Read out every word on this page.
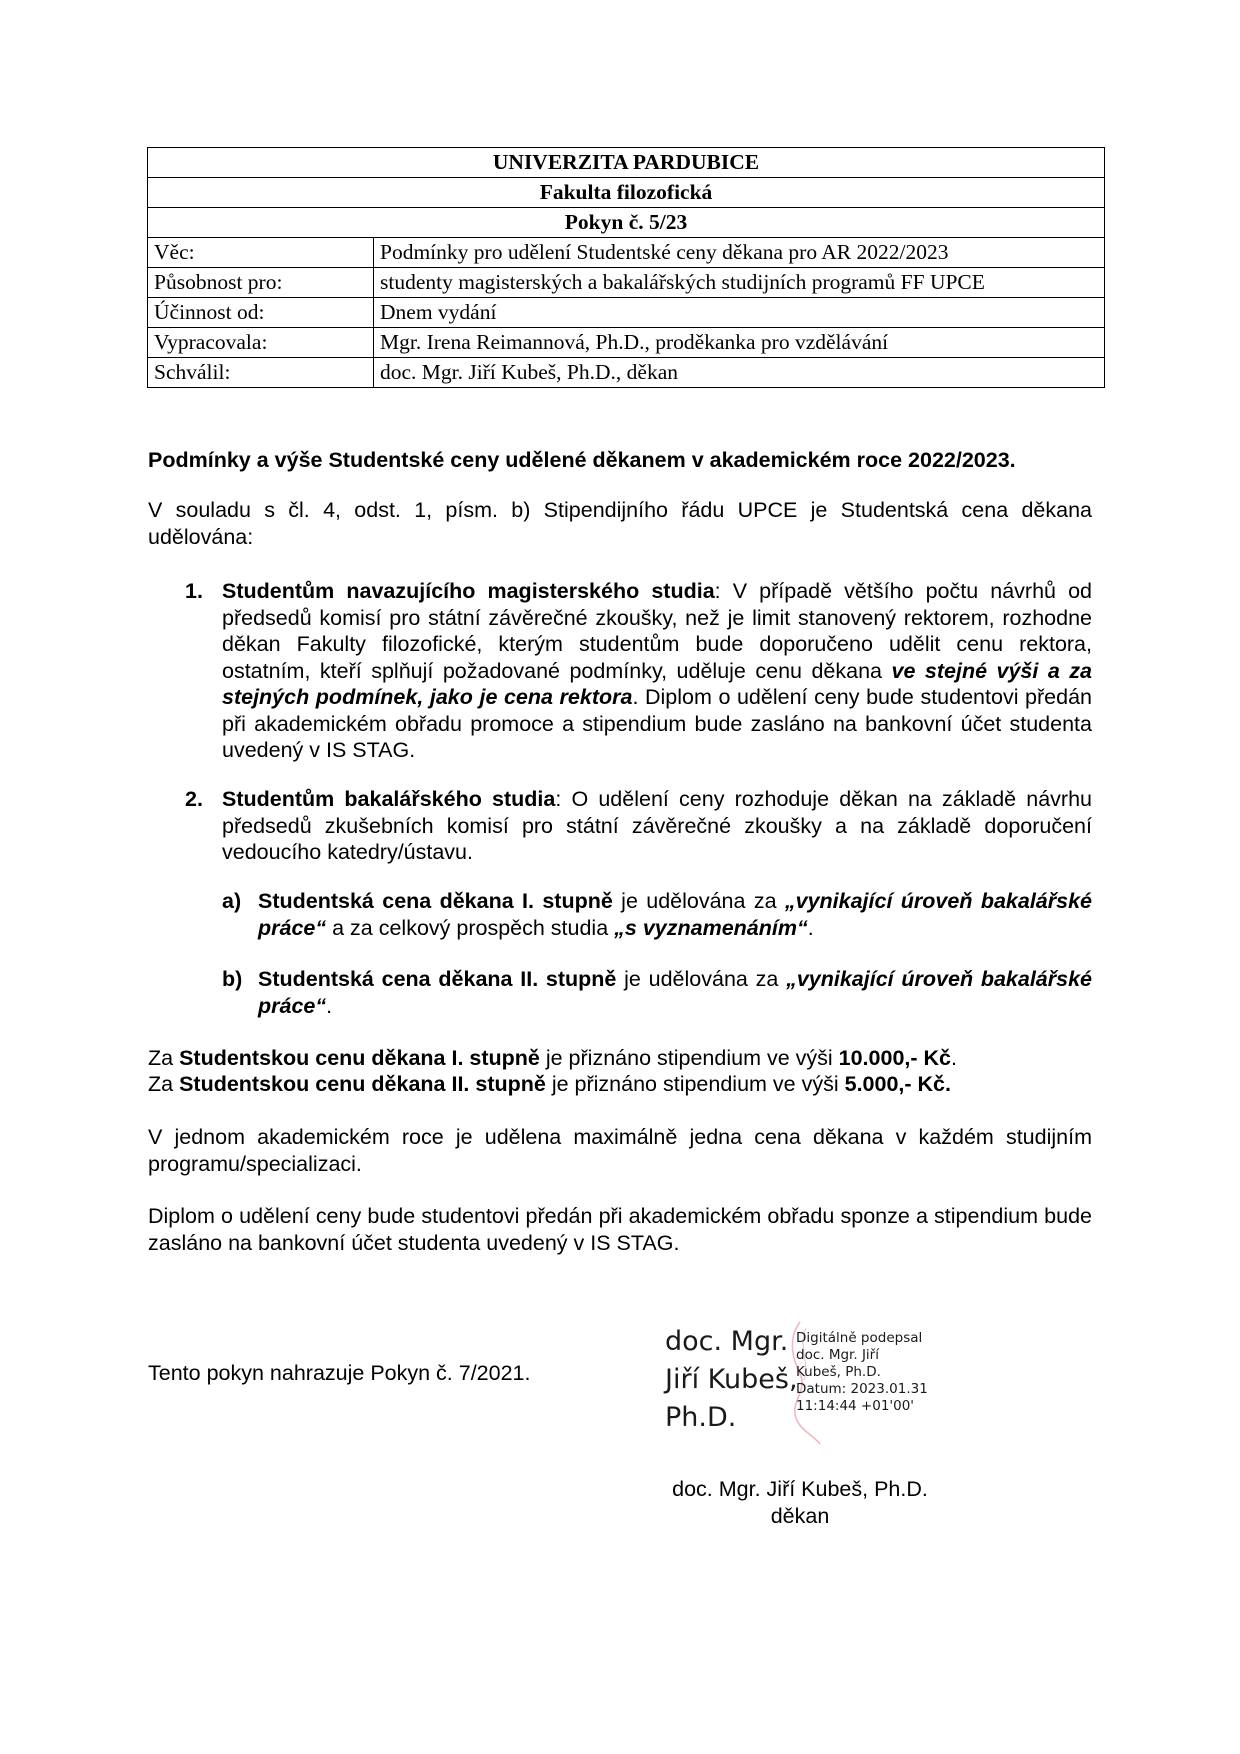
UNIVERZITA PARDUBICE	
Fakulta filozofická	
Pokyn č. 5/23	
Věc:	Podmínky pro udělení Studentské ceny děkana pro AR 2022/2023
Působnost pro:	studenty magisterských a bakalářských studijních programů FF UPCE
Účinnost od:	Dnem vydání
Vypracovala:	Mgr. Irena Reimannová, Ph.D., proděkanka pro vzdělávání
Schválil:	doc. Mgr. Jiří Kubeš, Ph.D., děkan
Podmínky a výše Studentské ceny udělené děkanem v akademickém roce 2022/2023.
V souladu s čl. 4, odst. 1, písm. b) Stipendijního řádu UPCE je Studentská cena děkana udělována:
1. Studentům navazujícího magisterského studia: V případě většího počtu návrhů od předsedů komisí pro státní závěrečné zkoušky, než je limit stanovený rektorem, rozhodne děkan Fakulty filozofické, kterým studentům bude doporučeno udělit cenu rektora, ostatním, kteří splňují požadované podmínky, uděluje cenu děkana ve stejné výši a za stejných podmínek, jako je cena rektora. Diplom o udělení ceny bude studentovi předán při akademickém obřadu promoce a stipendium bude zasláno na bankovní účet studenta uvedený v IS STAG.
2. Studentům bakalářského studia: O udělení ceny rozhoduje děkan na základě návrhu předsedů zkušebních komisí pro státní závěrečné zkoušky a na základě doporučení vedoucího katedry/ústavu.
a) Studentská cena děkana I. stupně je udělována za „vynikající úroveň bakalářské práce“ a za celkový prospěch studia „s vyznamenáním“.
b) Studentská cena děkana II. stupně je udělována za „vynikající úroveň bakalářské práce“.
Za Studentskou cenu děkana I. stupně je přiznáno stipendium ve výši 10.000,- Kč.
Za Studentskou cenu děkana II. stupně je přiznáno stipendium ve výši 5.000,- Kč.
V jednom akademickém roce je udělena maximálně jedna cena děkana v každém studijním programu/specializaci.
Diplom o udělení ceny bude studentovi předán při akademickém obřadu sponze a stipendium bude zasláno na bankovní účet studenta uvedený v IS STAG.
Tento pokyn nahrazuje Pokyn č. 7/2021.
doc. Mgr.
Jiří Kubeš,
Ph.D.
Digitálně podepsal
doc. Mgr. Jiří
Kubeš, Ph.D.
Datum: 2023.01.31
11:14:44 +01'00'
doc. Mgr. Jiří Kubeš, Ph.D.
děkan
